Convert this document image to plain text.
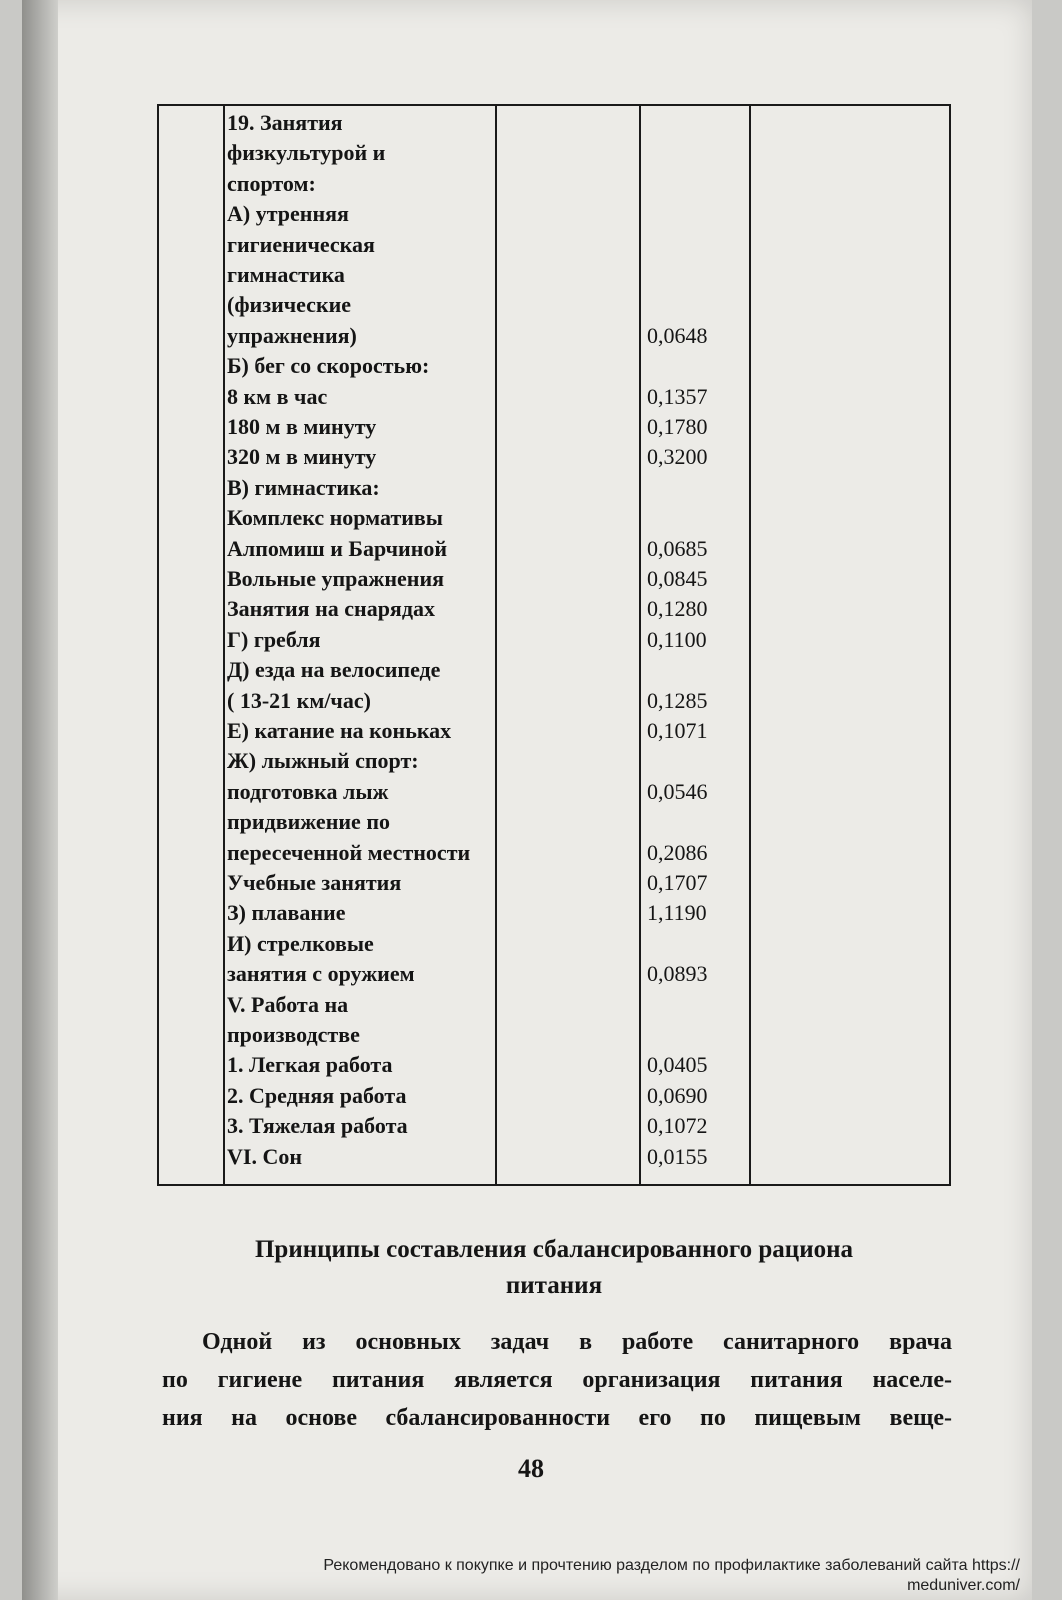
19. Занятия
физкультурой и
спортом:
А) утренняя
гигиеническая
гимнастика
(физические
упражнения)	0,0648
Б) бег со скоростью:
8 км в час	0,1357
180 м в минуту	0,1780
320 м в минуту	0,3200
В) гимнастика:
Комплекс нормативы
Алпомиш и Барчиной	0,0685
Вольные упражнения	0,0845
Занятия на снарядах	0,1280
Г) гребля	0,1100
Д) езда на велосипеде
( 13-21 км/час)	0,1285
Е) катание на коньках	0,1071
Ж) лыжный спорт:
подготовка лыж	0,0546
придвижение по
пересеченной местности	0,2086
Учебные занятия	0,1707
З) плавание	1,1190
И) стрелковые
занятия с оружием	0,0893
V. Работа на
производстве
1. Легкая работа	0,0405
2. Средняя работа	0,0690
3. Тяжелая работа	0,1072
VI. Сон	0,0155
Принципы составления сбалансированного рациона
питания
Одной из основных задач в работе санитарного врача
по гигиене питания является организация питания населе-
ния на основе сбалансированности его по пищевым веще-
48
Рекомендовано к покупке и прочтению разделом по профилактике заболеваний сайта https://
meduniver.com/
